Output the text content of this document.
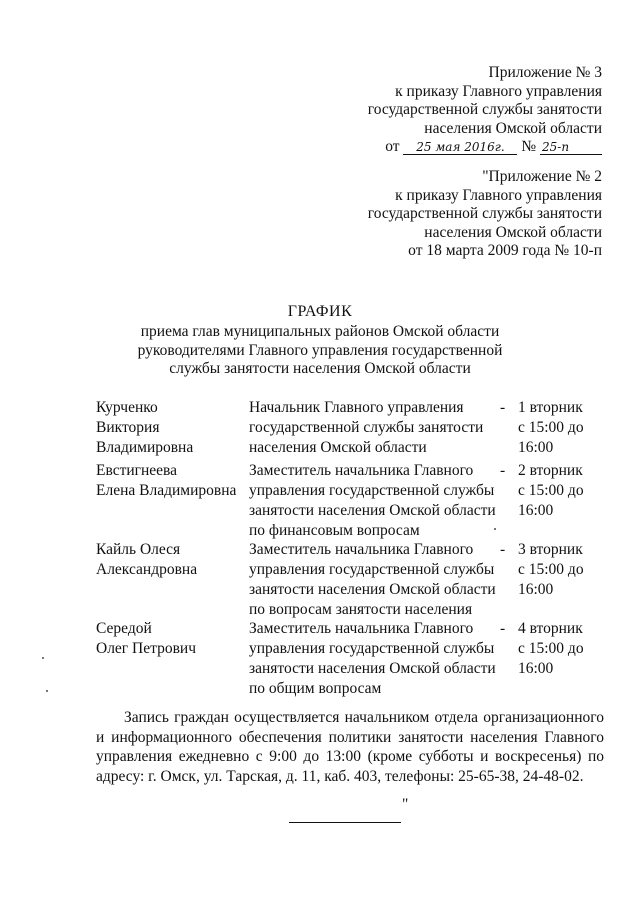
Приложение № 3
к приказу Главного управления
государственной службы занятости
населения Омской области
от 25 мая 2016г. № 25-п
"Приложение № 2
к приказу Главного управления
государственной службы занятости
населения Омской области
от 18 марта 2009 года № 10-п
ГРАФИК
приема глав муниципальных районов Омской области
руководителями Главного управления государственной
службы занятости населения Омской области
Курченко
Виктория
Владимировна
Начальник Главного управления
государственной службы занятости
населения Омской области
- 1 вторник
с 15:00 до
16:00
Евстигнеева
Елена Владимировна
Заместитель начальника Главного
управления государственной службы
занятости населения Омской области
по финансовым вопросам
- 2 вторник
с 15:00 до
16:00
Кайль Олеся
Александровна
Заместитель начальника Главного
управления государственной службы
занятости населения Омской области
по вопросам занятости населения
- 3 вторник
с 15:00 до
16:00
Середой
Олег Петрович
Заместитель начальника Главного
управления государственной службы
занятости населения Омской области
по общим вопросам
- 4 вторник
с 15:00 до
16:00
Запись граждан осуществляется начальником отдела организационного и информационного обеспечения политики занятости населения Главного управления ежедневно с 9:00 до 13:00 (кроме субботы и воскресенья) по адресу: г. Омск, ул. Тарская, д. 11, каб. 403, телефоны: 25-65-38, 24-48-02.
"
